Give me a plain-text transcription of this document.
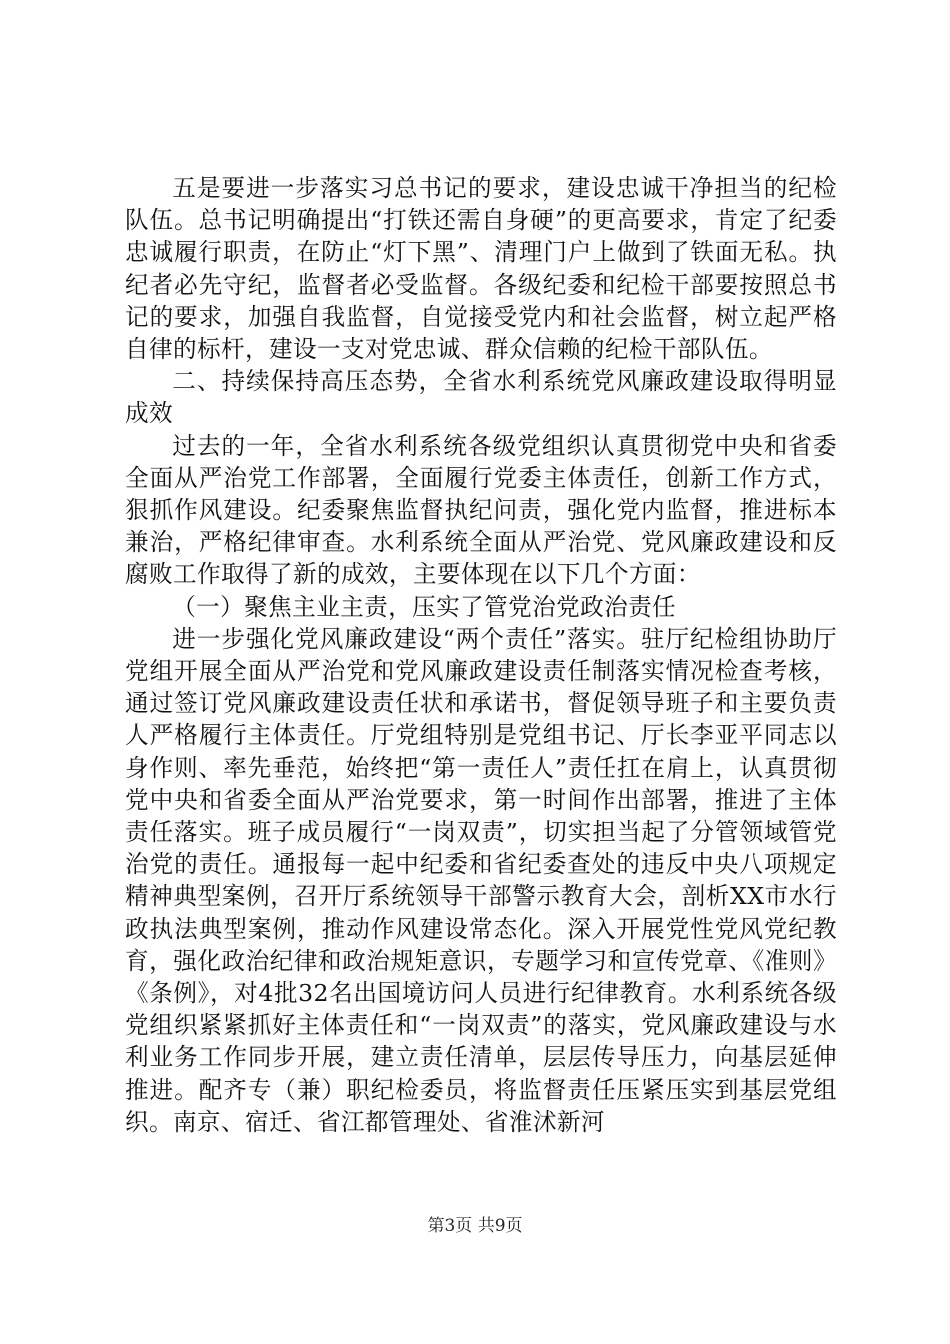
五是要进一步落实习总书记的要求，建设忠诚干净担当的纪检队伍。总书记明确提出“打铁还需自身硬”的更高要求，肯定了纪委忠诚履行职责，在防止“灯下黑”、清理门户上做到了铁面无私。执纪者必先守纪，监督者必受监督。各级纪委和纪检干部要按照总书记的要求，加强自我监督，自觉接受党内和社会监督，树立起严格自律的标杆，建设一支对党忠诚、群众信赖的纪检干部队伍。

二、持续保持高压态势，全省水利系统党风廉政建设取得明显成效

过去的一年，全省水利系统各级党组织认真贯彻党中央和省委全面从严治党工作部署，全面履行党委主体责任，创新工作方式，狠抓作风建设。纪委聚焦监督执纪问责，强化党内监督，推进标本兼治，严格纪律审查。水利系统全面从严治党、党风廉政建设和反腐败工作取得了新的成效，主要体现在以下几个方面：

（一）聚焦主业主责，压实了管党治党政治责任

进一步强化党风廉政建设“两个责任”落实。驻厅纪检组协助厅党组开展全面从严治党和党风廉政建设责任制落实情况检查考核，通过签订党风廉政建设责任状和承诺书，督促领导班子和主要负责人严格履行主体责任。厅党组特别是党组书记、厅长李亚平同志以身作则、率先垂范，始终把“第一责任人”责任扛在肩上，认真贯彻党中央和省委全面从严治党要求，第一时间作出部署，推进了主体责任落实。班子成员履行“一岗双责”，切实担当起了分管领域管党治党的责任。通报每一起中纪委和省纪委查处的违反中央八项规定精神典型案例，召开厅系统领导干部警示教育大会，剖析XX市水行政执法典型案例，推动作风建设常态化。深入开展党性党风党纪教育，强化政治纪律和政治规矩意识，专题学习和宣传党章、《准则》《条例》，对4批32名出国境访问人员进行纪律教育。水利系统各级党组织紧紧抓好主体责任和“一岗双责”的落实，党风廉政建设与水利业务工作同步开展，建立责任清单，层层传导压力，向基层延伸推进。配齐专（兼）职纪检委员，将监督责任压紧压实到基层党组织。南京、宿迁、省江都管理处、省淮沭新河

第3页 共9页
